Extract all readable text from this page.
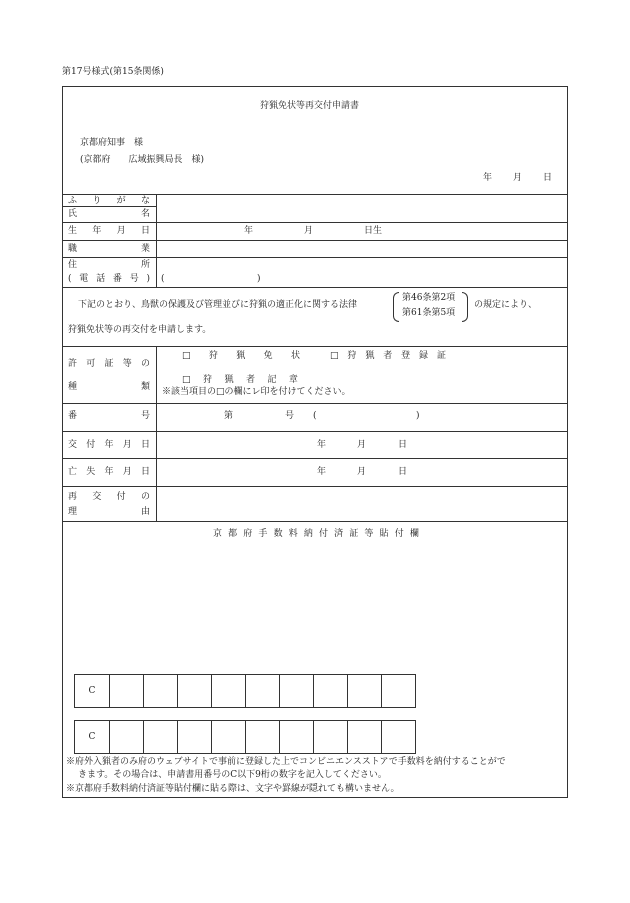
第17号様式(第15条関係)
狩猟免状等再交付申請書
京都府知事　様
(京都府　　広域振興局長　様)
年 月 日
ふ り が な
氏	名
生 年 月 日	年	月	日生
職	業
住	所
( 電 話 番 号 ) (	)
下記のとおり、鳥獣の保護及び管理並びに狩猟の適正化に関する法律
第46条第2項
第61条第5項
の規定により、
狩猟免状等の再交付を申請します。
許 可 証 等 の
種	類
□ 狩 猟 免 状	□ 狩 猟 者 登 録 証
□ 狩 猟 者 記 章
※該当項目の□の欄にレ印を付けてください。
番	号	第	号 (	)
交 付 年 月 日	年	月	日
亡 失 年 月 日	年	月	日
再 交 付 の
理	由
京 都 府 手 数 料 納 付 済 証 等 貼 付 欄
C
C
※府外入猟者のみ府のウェブサイトで事前に登録した上でコンビニエンスストアで手数料を納付することがで
きます。その場合は、申請書用番号のC以下9桁の数字を記入してください。
※京都府手数料納付済証等貼付欄に貼る際は、文字や罫線が隠れても構いません。
